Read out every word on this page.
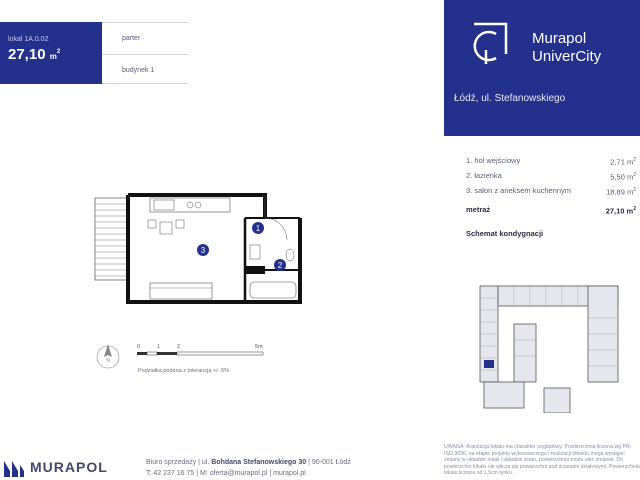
lokal 1A.0.02
27,10 $m^2$
parter
budynek 1
Murapol
UniverCity
Łódź, ul. Stefanowskiego
1. hol wejściowy	2,71 $m^2$
2. łazienka	5,50 $m^2$
3. salon z aneksem kuchennym	18,89 $m^2$
metraż	27,10 $m^2$
Schemat kondygnacji
1
2
3
N
0	1	2	5m
Podziałka podana z tolerancją +/- 5%
MURAPOL	Biuro sprzedaży | ul. Bohdana Stefanowskiego 30 | 90-001 Łódź
T: 42 237 16 75 | M: oferta@murapol.pl | murapol.pl
UWAGA: Aranżacja lokalu ma charakter poglądowy. Powierzchnia liczona wg PN-ISO 9836, na etapie projektu wykonawczego i realizacji obiektu mogą wystąpić zmiany w układzie lokali i układzie ścian, powierzchnia może ulec zmianie. Do powierzchni lokalu nie wlicza się powierzchni pod ścianami działowymi. Powierzchnia lokalu liczona od 1,5cm tynku.
